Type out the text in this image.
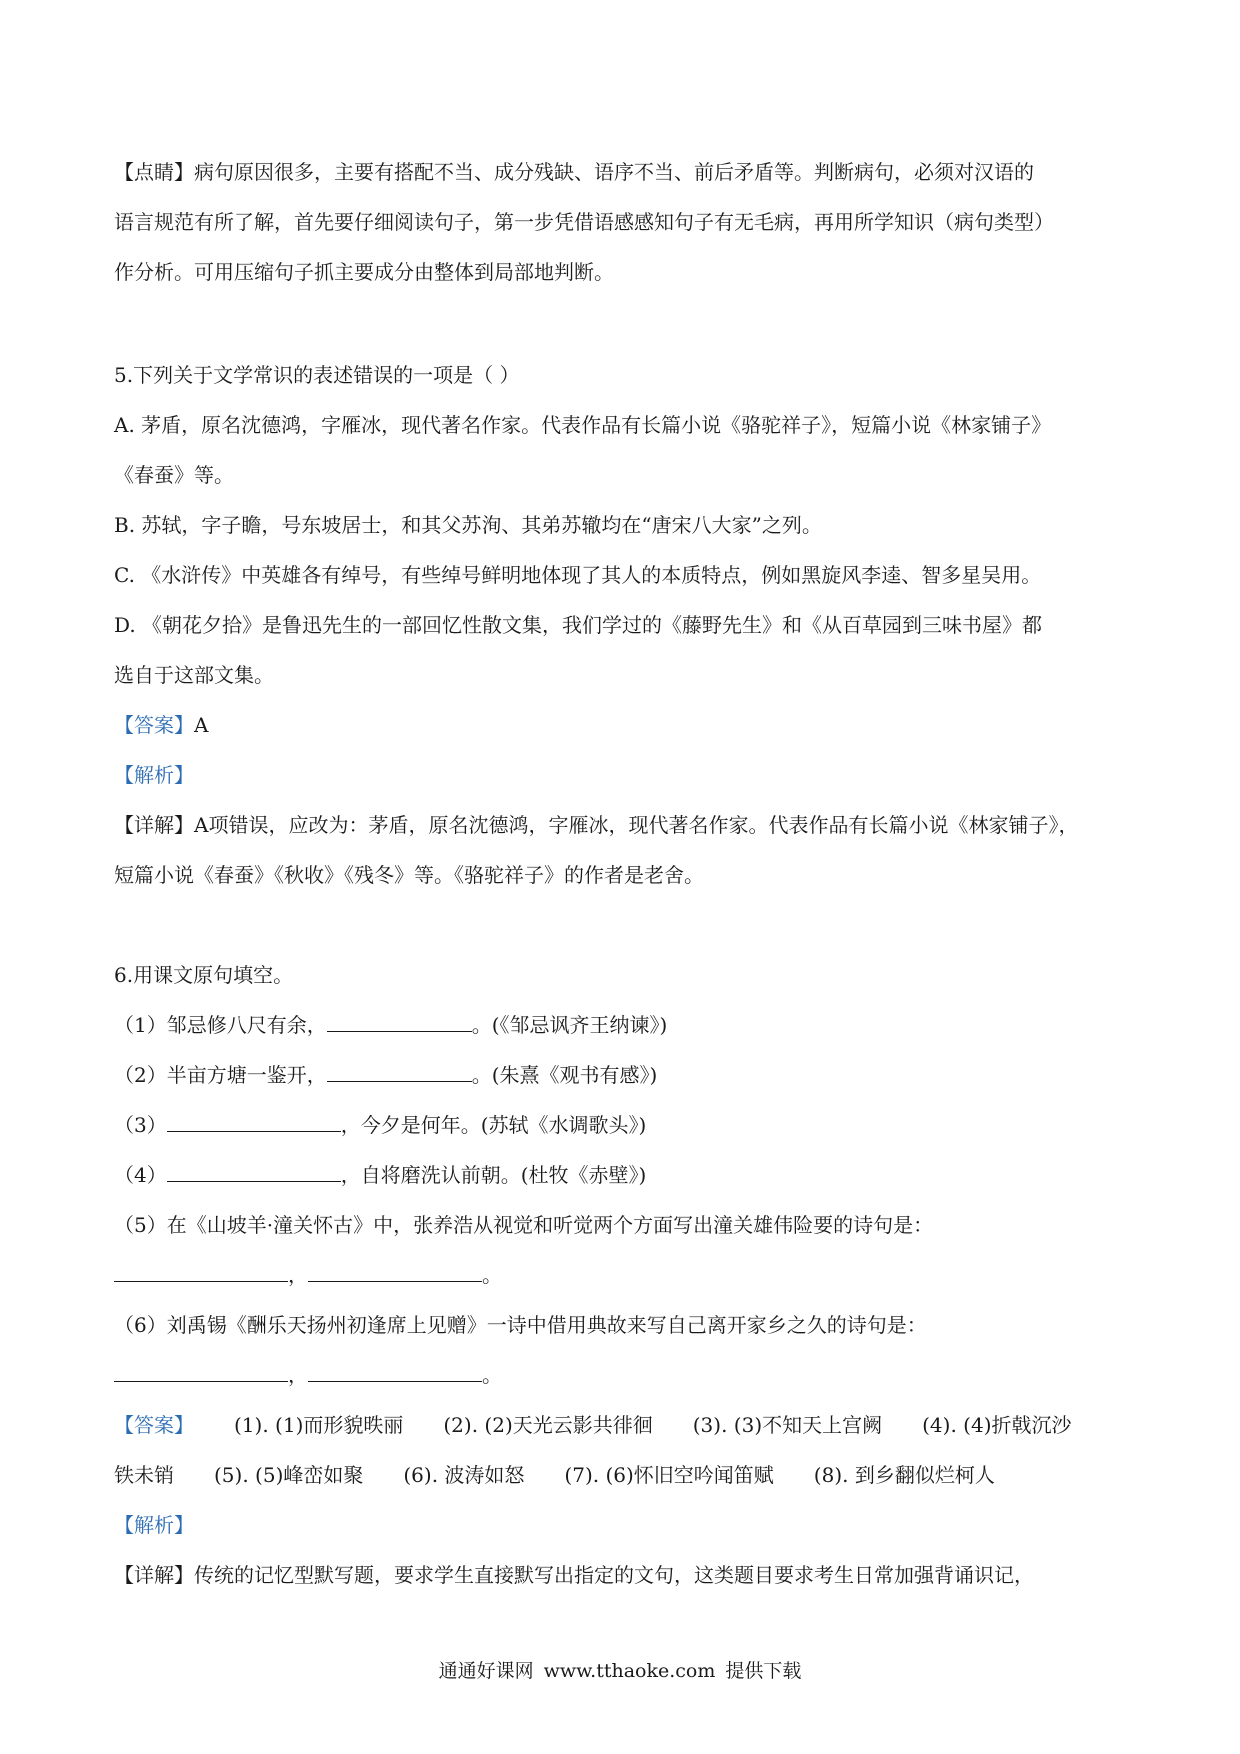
【点睛】病句原因很多，主要有搭配不当、成分残缺、语序不当、前后矛盾等。判断病句，必须对汉语的
语言规范有所了解，首先要仔细阅读句子，第一步凭借语感感知句子有无毛病，再用所学知识（病句类型）
作分析。可用压缩句子抓主要成分由整体到局部地判断。
5.下列关于文学常识的表述错误的一项是（ ）
A. 茅盾，原名沈德鸿，字雁冰，现代著名作家。代表作品有长篇小说《骆驼祥子》，短篇小说《林家铺子》
《春蚕》等。
B. 苏轼，字子瞻，号东坡居士，和其父苏洵、其弟苏辙均在“唐宋八大家”之列。
C. 《水浒传》中英雄各有绰号，有些绰号鲜明地体现了其人的本质特点，例如黑旋风李逵、智多星吴用。
D. 《朝花夕拾》是鲁迅先生的一部回忆性散文集，我们学过的《藤野先生》和《从百草园到三味书屋》都
选自于这部文集。
【答案】A
【解析】
【详解】A项错误，应改为：茅盾，原名沈德鸿，字雁冰，现代著名作家。代表作品有长篇小说《林家铺子》，
短篇小说《春蚕》《秋收》《残冬》等。《骆驼祥子》的作者是老舍。
6.用课文原句填空。
（1）邹忌修八尺有余，	。(《邹忌讽齐王纳谏》)
（2）半亩方塘一鉴开，	。(朱熹《观书有感》)
（3）	，今夕是何年。(苏轼《水调歌头》)
（4）	，自将磨洗认前朝。(杜牧《赤壁》)
（5）在《山坡羊·潼关怀古》中，张养浩从视觉和听觉两个方面写出潼关雄伟险要的诗句是：
，	。
（6）刘禹锡《酬乐天扬州初逢席上见赠》一诗中借用典故来写自己离开家乡之久的诗句是：
，	。
【答案】 (1). (1)而形貌昳丽 (2). (2)天光云影共徘徊 (3). (3)不知天上宫阙 (4). (4)折戟沉沙
铁未销 (5). (5)峰峦如聚 (6). 波涛如怒 (7). (6)怀旧空吟闻笛赋 (8). 到乡翻似烂柯人
【解析】
【详解】传统的记忆型默写题，要求学生直接默写出指定的文句，这类题目要求考生日常加强背诵识记，
通通好课网 www.tthaoke.com 提供下载
